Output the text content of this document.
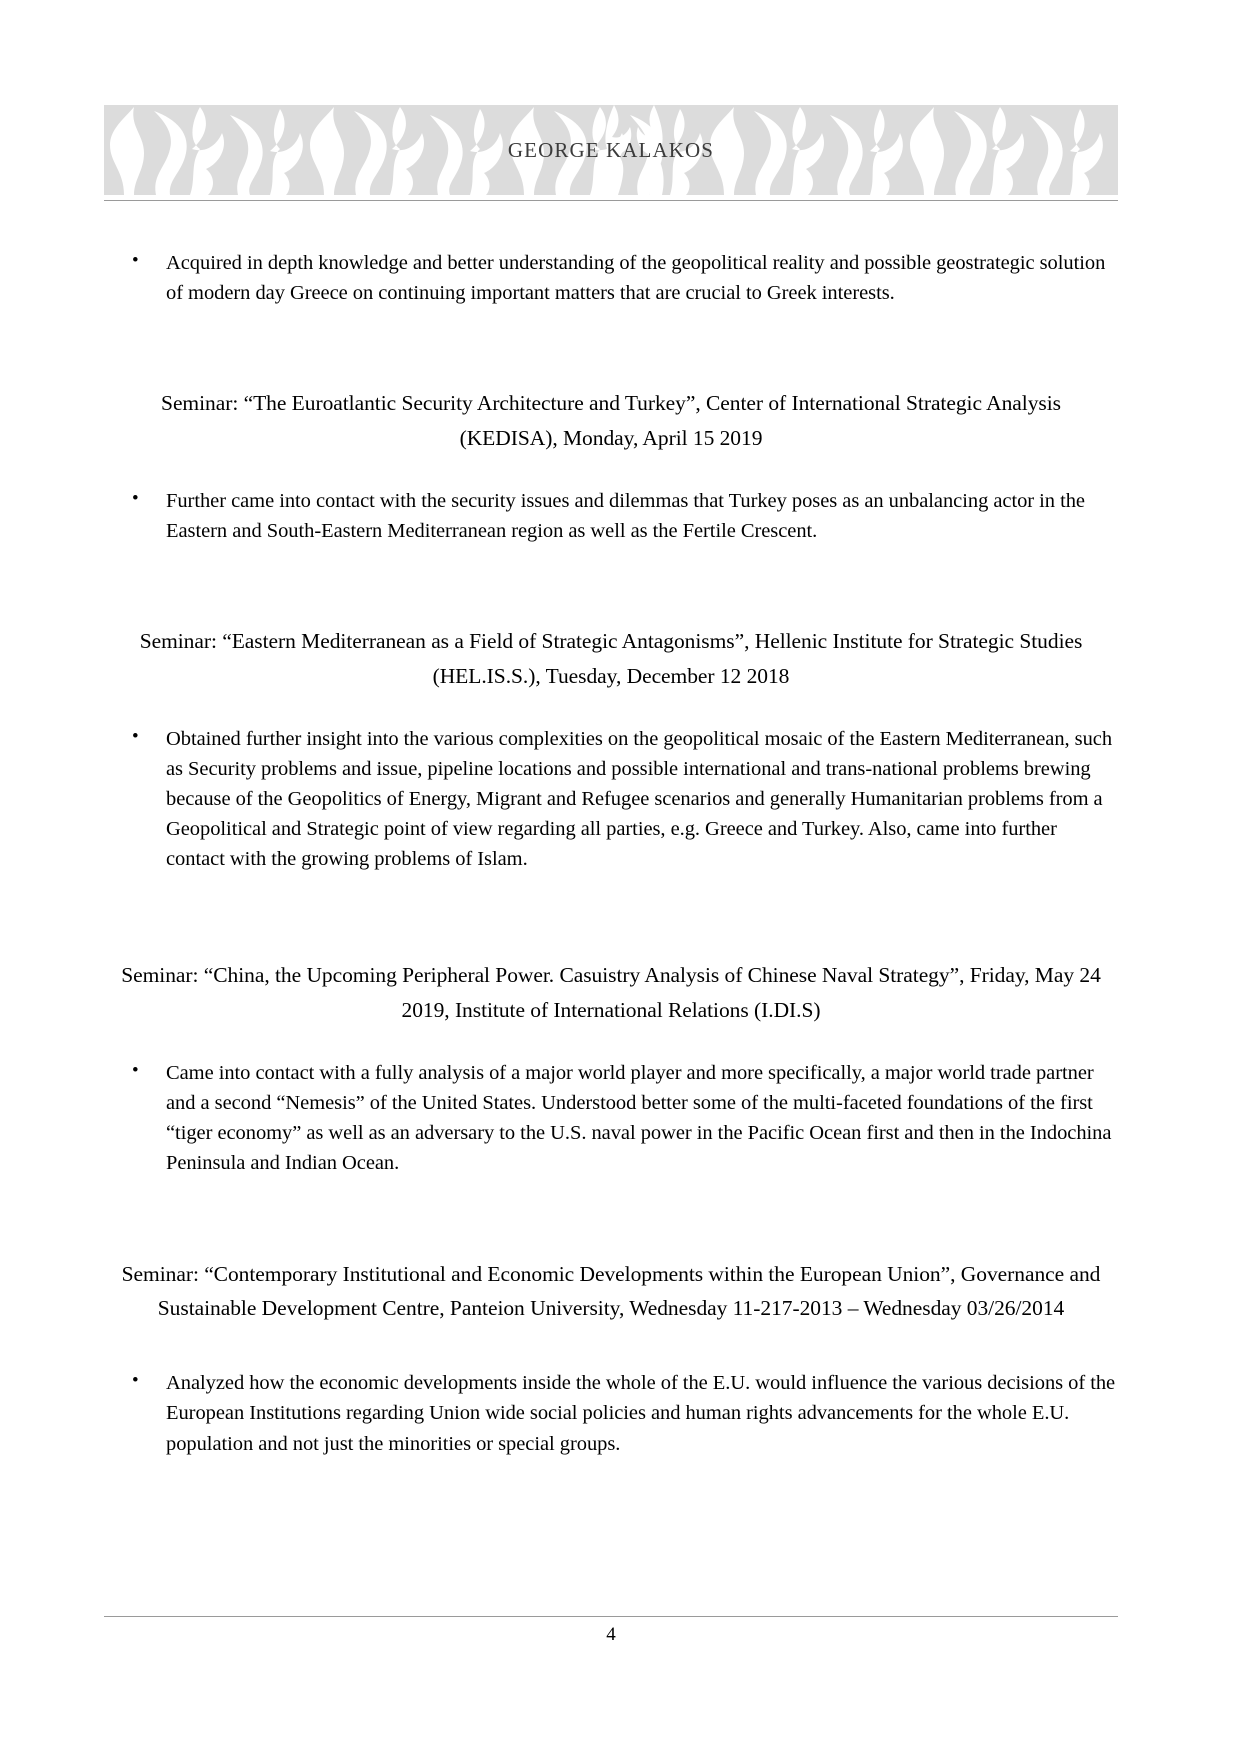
GEORGE KALAKOS
• Acquired in depth knowledge and better understanding of the geopolitical reality and possible geostrategic solution of modern day Greece on continuing important matters that are crucial to Greek interests.

Seminar: “The Euroatlantic Security Architecture and Turkey”, Center of International Strategic Analysis (KEDISA), Monday, April 15 2019

• Further came into contact with the security issues and dilemmas that Turkey poses as an unbalancing actor in the Eastern and South-Eastern Mediterranean region as well as the Fertile Crescent.

Seminar: “Eastern Mediterranean as a Field of Strategic Antagonisms”, Hellenic Institute for Strategic Studies (HEL.IS.S.), Tuesday, December 12 2018

• Obtained further insight into the various complexities on the geopolitical mosaic of the Eastern Mediterranean, such as Security problems and issue, pipeline locations and possible international and trans-national problems brewing because of the Geopolitics of Energy, Migrant and Refugee scenarios and generally Humanitarian problems from a Geopolitical and Strategic point of view regarding all parties, e.g. Greece and Turkey. Also, came into further contact with the growing problems of Islam.

Seminar: “China, the Upcoming Peripheral Power. Casuistry Analysis of Chinese Naval Strategy”, Friday, May 24 2019, Institute of International Relations (I.DI.S)

• Came into contact with a fully analysis of a major world player and more specifically, a major world trade partner and a second “Nemesis” of the United States. Understood better some of the multi-faceted foundations of the first “tiger economy” as well as an adversary to the U.S. naval power in the Pacific Ocean first and then in the Indochina Peninsula and Indian Ocean.

Seminar: “Contemporary Institutional and Economic Developments within the European Union”, Governance and Sustainable Development Centre, Panteion University, Wednesday 11-217-2013 – Wednesday 03/26/2014

• Analyzed how the economic developments inside the whole of the E.U. would influence the various decisions of the European Institutions regarding Union wide social policies and human rights advancements for the whole E.U. population and not just the minorities or special groups.
4
